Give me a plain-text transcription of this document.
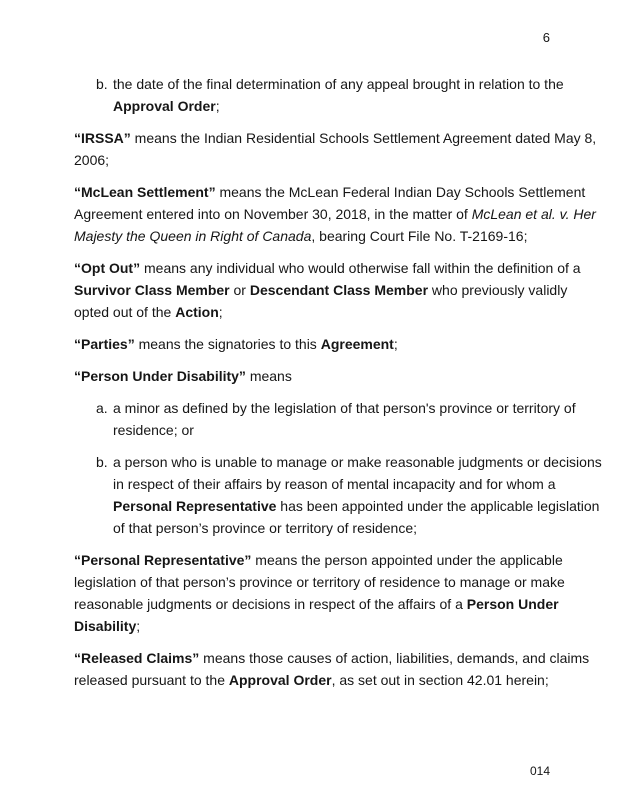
6
b. the date of the final determination of any appeal brought in relation to the
Approval Order;
“IRSSA” means the Indian Residential Schools Settlement Agreement dated May 8,
2006;
“McLean Settlement” means the McLean Federal Indian Day Schools Settlement
Agreement entered into on November 30, 2018, in the matter of McLean et al. v. Her
Majesty the Queen in Right of Canada, bearing Court File No. T-2169-16;
“Opt Out” means any individual who would otherwise fall within the definition of a
Survivor Class Member or Descendant Class Member who previously validly
opted out of the Action;
“Parties” means the signatories to this Agreement;
“Person Under Disability” means
a. a minor as defined by the legislation of that person's province or territory of
residence; or
b. a person who is unable to manage or make reasonable judgments or decisions
in respect of their affairs by reason of mental incapacity and for whom a
Personal Representative has been appointed under the applicable legislation
of that person’s province or territory of residence;
“Personal Representative” means the person appointed under the applicable
legislation of that person’s province or territory of residence to manage or make
reasonable judgments or decisions in respect of the affairs of a Person Under
Disability;
“Released Claims” means those causes of action, liabilities, demands, and claims
released pursuant to the Approval Order, as set out in section 42.01 herein;
014
